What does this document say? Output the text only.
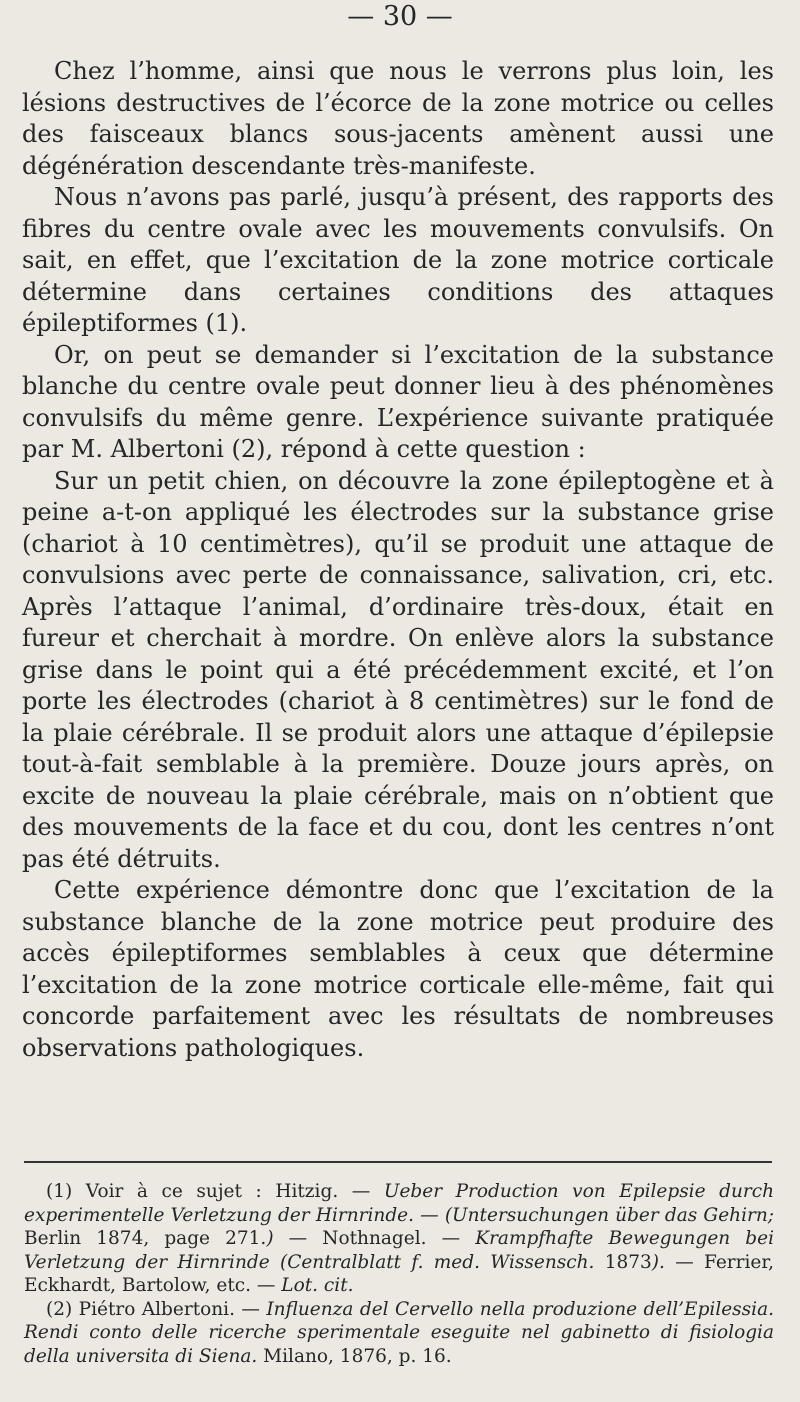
— 30 —

Chez l’homme, ainsi que nous le verrons plus loin, les lésions destructives de l’écorce de la zone motrice ou celles des faisceaux blancs sous-jacents amènent aussi une dégénération descendante très-manifeste.

Nous n’avons pas parlé, jusqu’à présent, des rapports des fibres du centre ovale avec les mouvements convulsifs. On sait, en effet, que l’excitation de la zone motrice corticale détermine dans certaines conditions des attaques épileptiformes (1).

Or, on peut se demander si l’excitation de la substance blanche du centre ovale peut donner lieu à des phénomènes convulsifs du même genre. L’expérience suivante pratiquée par M. Albertoni (2), répond à cette question :

Sur un petit chien, on découvre la zone épileptogène et à peine a-t-on appliqué les électrodes sur la substance grise (chariot à 10 centimètres), qu’il se produit une attaque de convulsions avec perte de connaissance, salivation, cri, etc. Après l’attaque l’animal, d’ordinaire très-doux, était en fureur et cherchait à mordre. On enlève alors la substance grise dans le point qui a été précédemment excité, et l’on porte les électrodes (chariot à 8 centimètres) sur le fond de la plaie cérébrale. Il se produit alors une attaque d’épilepsie tout-à-fait semblable à la première. Douze jours après, on excite de nouveau la plaie cérébrale, mais on n’obtient que des mouvements de la face et du cou, dont les centres n’ont pas été détruits.

Cette expérience démontre donc que l’excitation de la substance blanche de la zone motrice peut produire des accès épileptiformes semblables à ceux que détermine l’excitation de la zone motrice corticale elle-même, fait qui concorde parfaitement avec les résultats de nombreuses observations pathologiques.

(1) Voir à ce sujet : Hitzig. — Ueber Production von Epilepsie durch experimentelle Verletzung der Hirnrinde. — (Untersuchungen über das Gehirn; Berlin 1874, page 271.) — Nothnagel. — Krampfhafte Bewegungen bei Verletzung der Hirnrinde (Centralblatt f. med. Wissensch. 1873). — Ferrier, Eckhardt, Bartolow, etc. — Lot. cit.

(2) Piétro Albertoni. — Influenza del Cervello nella produzione dell’Epilessia. Rendi conto delle ricerche sperimentale eseguite nel gabinetto di fisiologia della universita di Siena. Milano, 1876, p. 16.
